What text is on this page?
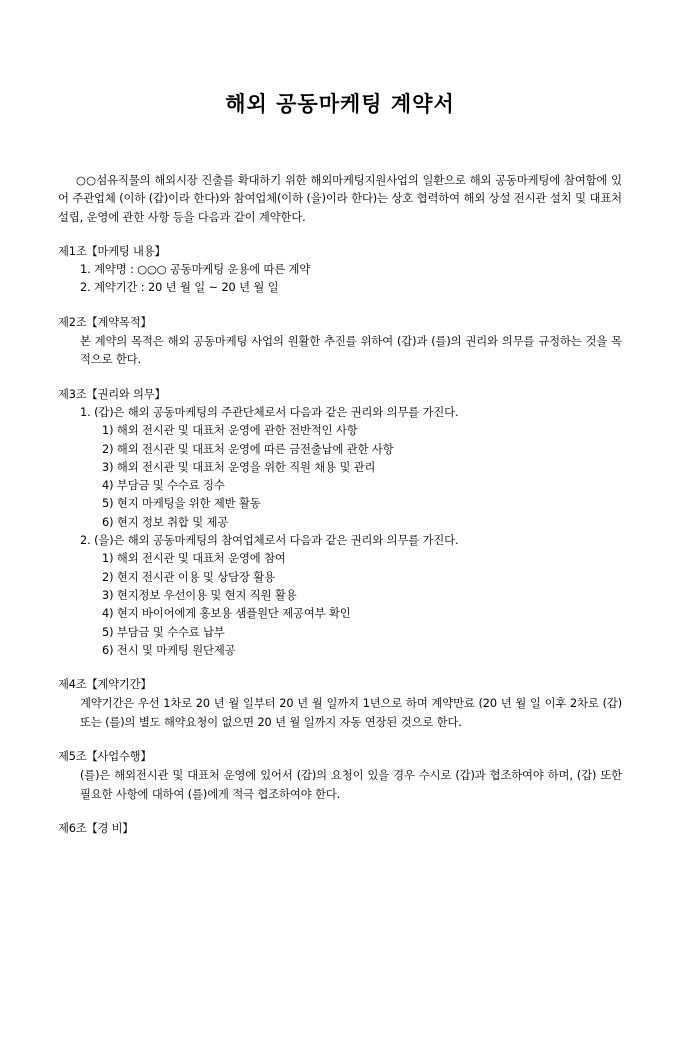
해외 공동마케팅 계약서

○○섬유직물의 해외시장 진출를 확대하기 위한 해외마케팅지원사업의 일환으로 해외 공동마케팅에 참여함에 있어 주관업체 (이하 (갑)이라 한다)와 참여업체(이하 (을)이라 한다)는 상호 협력하여 해외 상설 전시관 설치 및 대표처 설립, 운영에 관한 사항 등을 다음과 같이 계약한다.

제1조【마케팅 내용】

1. 계약명 : ○○○ 공동마케팅 운용에 따른 계약

2. 계약기간 : 20 년 월 일 ~ 20 년 월 일

제2조【계약목적】

본 계약의 목적은 해외 공동마케팅 사업의 원활한 추진를 위하여 (갑)과 (를)의 권리와 의무를 규정하는 것을 목적으로 한다.

제3조【권리와 의무】

1. (갑)은 해외 공동마케팅의 주관단체로서 다음과 같은 권리와 의무를 가진다.

1) 해외 전시관 및 대표처 운영에 관한 전반적인 사항

2) 해외 전시관 및 대표처 운영에 따른 금전출납에 관한 사항

3) 해외 전시관 및 대표처 운영을 위한 직원 채용 및 관리

4) 부담금 및 수수료 징수

5) 현지 마케팅을 위한 제반 활동

6) 현지 정보 취합 및 제공

2. (을)은 해외 공동마케팅의 참여업체로서 다음과 같은 권리와 의무를 가진다.

1) 해외 전시관 및 대표처 운영에 참여

2) 현지 전시관 이용 및 상담장 활용

3) 현지정보 우선이용 및 현지 직원 활용

4) 현지 바이어에게 홍보용 샘플원단 제공여부 확인

5) 부담금 및 수수료 납부

6) 전시 및 마케팅 원단제공

제4조【계약기간】

계약기간은 우선 1차로 20 년 월 일부터 20 년 월 일까지 1년으로 하며 계약만료 (20 년 월 일 이후 2차로 (갑) 또는 (를)의 별도 해약요청이 없으면 20 년 월 일까지 자동 연장된 것으로 한다.

제5조【사업수행】

(를)은 해외전시관 및 대표처 운영에 있어서 (갑)의 요청이 있을 경우 수시로 (갑)과 협조하여야 하며, (갑) 또한 필요한 사항에 대하여 (를)에게 적극 협조하여야 한다.

제6조【경 비】
